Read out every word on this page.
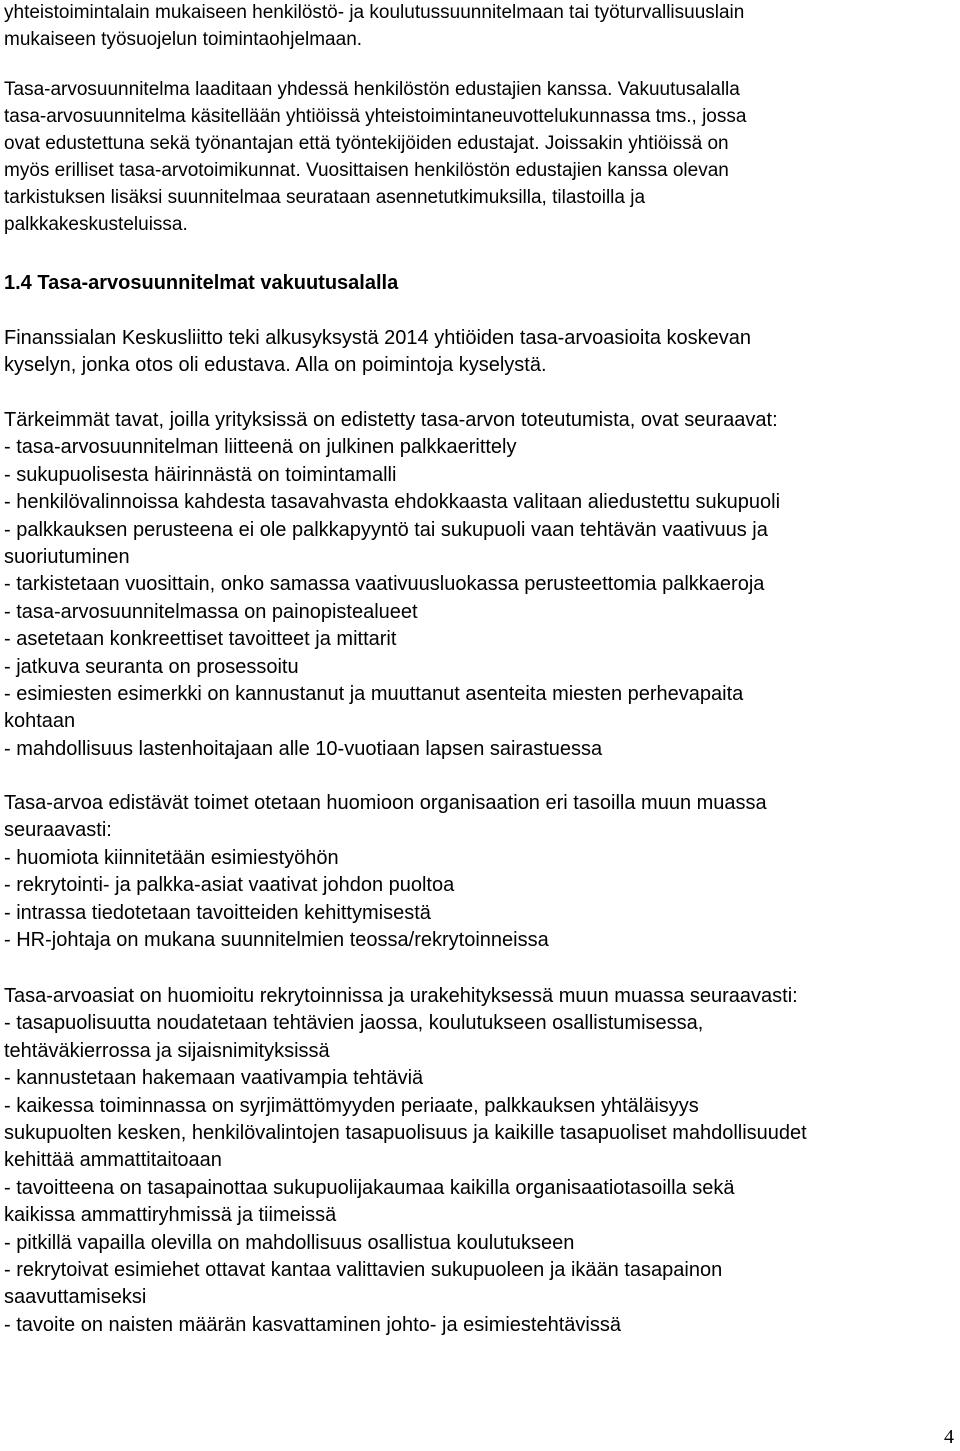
yhteistoimintalain mukaiseen henkilöstö- ja koulutussuunnitelmaan tai työturvallisuuslain
mukaiseen työsuojelun toimintaohjelmaan.
Tasa-arvosuunnitelma laaditaan yhdessä henkilöstön edustajien kanssa. Vakuutusalalla
tasa-arvosuunnitelma käsitellään yhtiöissä yhteistoimintaneuvottelukunnassa tms., jossa
ovat edustettuna sekä työnantajan että työntekijöiden edustajat. Joissakin yhtiöissä on
myös erilliset tasa-arvotoimikunnat. Vuosittaisen henkilöstön edustajien kanssa olevan
tarkistuksen lisäksi suunnitelmaa seurataan asennetutkimuksilla, tilastoilla ja
palkkakeskusteluissa.
1.4 Tasa-arvosuunnitelmat vakuutusalalla
Finanssialan Keskusliitto teki alkusyksystä 2014 yhtiöiden tasa-arvoasioita koskevan
kyselyn, jonka otos oli edustava. Alla on poimintoja kyselystä.
Tärkeimmät tavat, joilla yrityksissä on edistetty tasa-arvon toteutumista, ovat seuraavat:
- tasa-arvosuunnitelman liitteenä on julkinen palkkaerittely
- sukupuolisesta häirinnästä on toimintamalli
- henkilövalinnoissa kahdesta tasavahvasta ehdokkaasta valitaan aliedustettu sukupuoli
- palkkauksen perusteena ei ole palkkapyyntö tai sukupuoli vaan tehtävän vaativuus ja
suoriutuminen
- tarkistetaan vuosittain, onko samassa vaativuusluokassa perusteettomia palkkaeroja
- tasa-arvosuunnitelmassa on painopistealueet
- asetetaan konkreettiset tavoitteet ja mittarit
- jatkuva seuranta on prosessoitu
- esimiesten esimerkki on kannustanut ja muuttanut asenteita miesten perhevapaita
kohtaan
- mahdollisuus lastenhoitajaan alle 10-vuotiaan lapsen sairastuessa
Tasa-arvoa edistävät toimet otetaan huomioon organisaation eri tasoilla muun muassa
seuraavasti:
- huomiota kiinnitetään esimiestyöhön
- rekrytointi- ja palkka-asiat vaativat johdon puoltoa
- intrassa tiedotetaan tavoitteiden kehittymisestä
- HR-johtaja on mukana suunnitelmien teossa/rekrytoinneissa
Tasa-arvoasiat on huomioitu rekrytoinnissa ja urakehityksessä muun muassa seuraavasti:
- tasapuolisuutta noudatetaan tehtävien jaossa, koulutukseen osallistumisessa,
tehtäväkierrossa ja sijaisnimityksissä
- kannustetaan hakemaan vaativampia tehtäviä
- kaikessa toiminnassa on syrjimättömyyden periaate, palkkauksen yhtäläisyys
sukupuolten kesken, henkilövalintojen tasapuolisuus ja kaikille tasapuoliset mahdollisuudet
kehittää ammattitaitoaan
- tavoitteena on tasapainottaa sukupuolijakaumaa kaikilla organisaatiotasoilla sekä
kaikissa ammattiryhmissä ja tiimeissä
- pitkillä vapailla olevilla on mahdollisuus osallistua koulutukseen
- rekrytoivat esimiehet ottavat kantaa valittavien sukupuoleen ja ikään tasapainon
saavuttamiseksi
- tavoite on naisten määrän kasvattaminen johto- ja esimiestehtävissä
4
